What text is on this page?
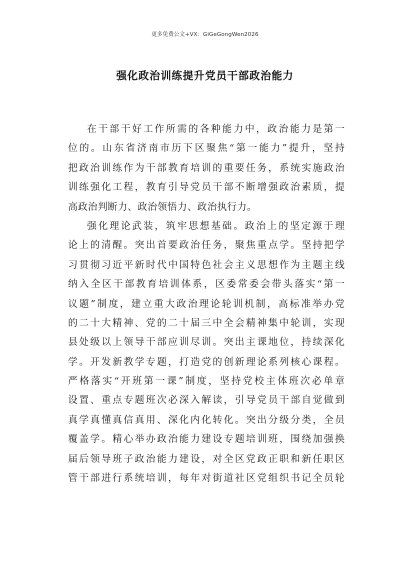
更多免费公文+VX：GiGeGongWen2026
强化政治训练提升党员干部政治能力
在干部干好工作所需的各种能力中，政治能力是第一
位的。山东省济南市历下区聚焦“第一能力”提升，坚持
把政治训练作为干部教育培训的重要任务，系统实施政治
训练强化工程，教育引导党员干部不断增强政治素质，提
高政治判断力、政治领悟力、政治执行力。
强化理论武装，筑牢思想基础。政治上的坚定源于理
论上的清醒。突出首要政治任务，聚焦重点学。坚持把学
习贯彻习近平新时代中国特色社会主义思想作为主题主线
纳入全区干部教育培训体系，区委常委会带头落实“第一
议题”制度，建立重大政治理论轮训机制，高标准举办党
的二十大精神、党的二十届三中全会精神集中轮训，实现
县处级以上领导干部应训尽训。突出主课地位，持续深化
学。开发新教学专题，打造党的创新理论系列核心课程。
严格落实“开班第一课”制度，坚持党校主体班次必单章
设置、重点专题班次必深入解读，引导党员干部自觉做到
真学真懂真信真用、深化内化转化。突出分级分类，全员
覆盖学。精心举办政治能力建设专题培训班，围绕加强换
届后领导班子政治能力建设，对全区党政正职和新任职区
管干部进行系统培训，每年对街道社区党组织书记全员轮
